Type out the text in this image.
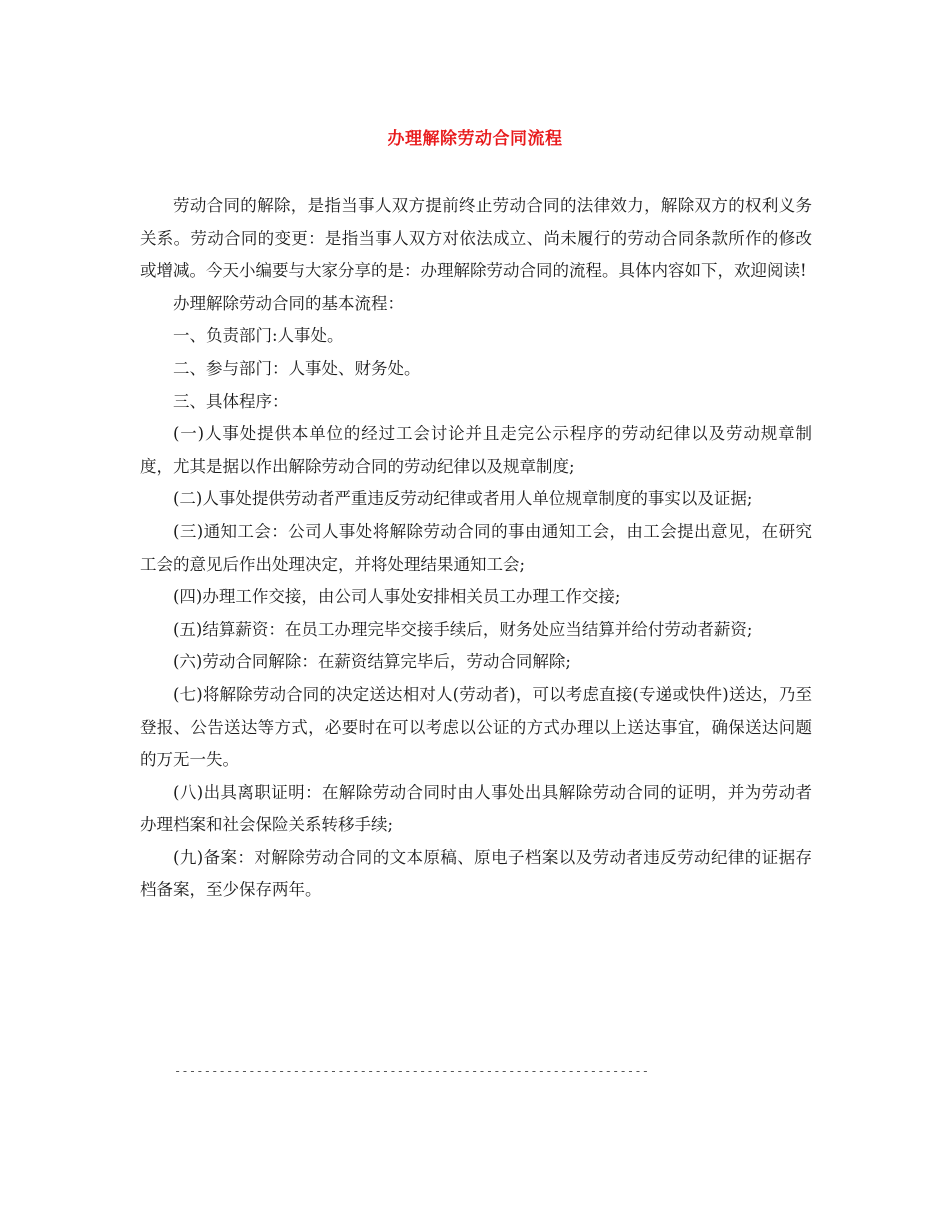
办理解除劳动合同流程

劳动合同的解除，是指当事人双方提前终止劳动合同的法律效力，解除双方的权利义务关系。劳动合同的变更：是指当事人双方对依法成立、尚未履行的劳动合同条款所作的修改或增减。今天小编要与大家分享的是：办理解除劳动合同的流程。具体内容如下，欢迎阅读!

办理解除劳动合同的基本流程：

一、负责部门:人事处。

二、参与部门：人事处、财务处。

三、具体程序：

(一)人事处提供本单位的经过工会讨论并且走完公示程序的劳动纪律以及劳动规章制度，尤其是据以作出解除劳动合同的劳动纪律以及规章制度;

(二)人事处提供劳动者严重违反劳动纪律或者用人单位规章制度的事实以及证据;

(三)通知工会：公司人事处将解除劳动合同的事由通知工会，由工会提出意见，在研究工会的意见后作出处理决定，并将处理结果通知工会;

(四)办理工作交接，由公司人事处安排相关员工办理工作交接;

(五)结算薪资：在员工办理完毕交接手续后，财务处应当结算并给付劳动者薪资;

(六)劳动合同解除：在薪资结算完毕后，劳动合同解除;

(七)将解除劳动合同的决定送达相对人(劳动者)，可以考虑直接(专递或快件)送达，乃至登报、公告送达等方式，必要时在可以考虑以公证的方式办理以上送达事宜，确保送达问题的万无一失。

(八)出具离职证明：在解除劳动合同时由人事处出具解除劳动合同的证明，并为劳动者办理档案和社会保险关系转移手续;

(九)备案：对解除劳动合同的文本原稿、原电子档案以及劳动者违反劳动纪律的证据存档备案，至少保存两年。

----------------------------------------------------------------
